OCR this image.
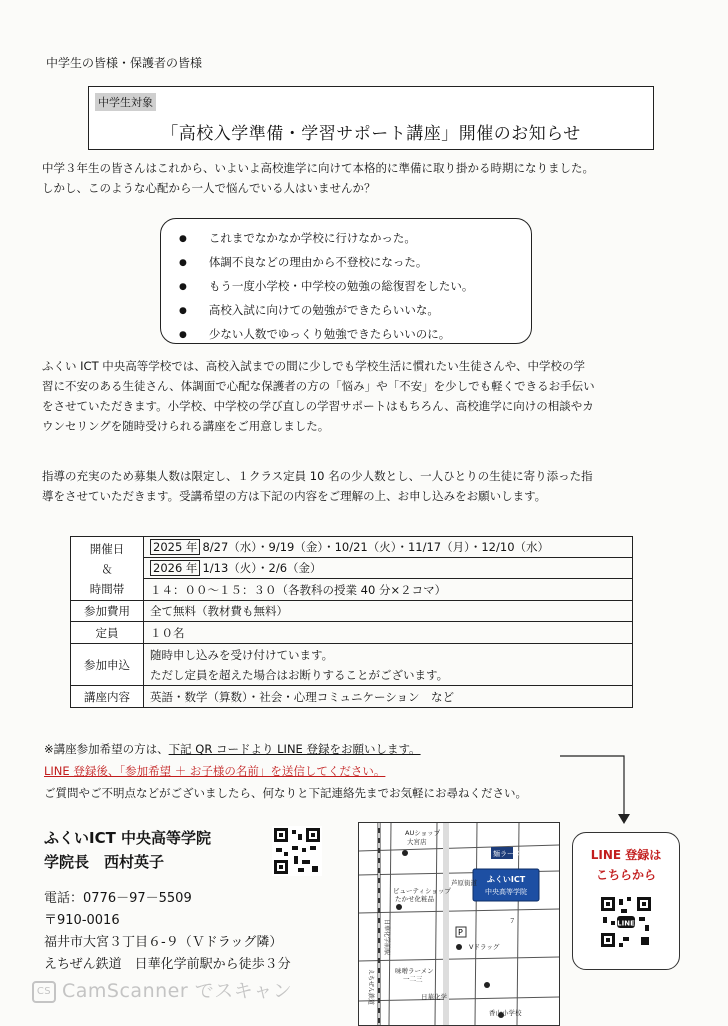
中学生の皆様・保護者の皆様
中学生対象
「高校入学準備・学習サポート講座」開催のお知らせ
中学３年生の皆さんはこれから、いよいよ高校進学に向けて本格的に準備に取り掛かる時期になりました。
しかし、このような心配から一人で悩んでいる人はいませんか？
● これまでなかなか学校に行けなかった。
● 体調不良などの理由から不登校になった。
● もう一度小学校・中学校の勉強の総復習をしたい。
● 高校入試に向けての勉強ができたらいいな。
● 少ない人数でゆっくり勉強できたらいいのに。
ふくい ICT 中央高等学校では、高校入試までの間に少しでも学校生活に慣れたい生徒さんや、中学校の学
習に不安のある生徒さん、体調面で心配な保護者の方の「悩み」や「不安」を少しでも軽くできるお手伝い
をさせていただきます。小学校、中学校の学び直しの学習サポートはもちろん、高校進学に向けの相談やカ
ウンセリングを随時受けられる講座をご用意しました。
指導の充実のため募集人数は限定し、１クラス定員 10 名の少人数とし、一人ひとりの生徒に寄り添った指
導をさせていただきます。受講希望の方は下記の内容をご理解の上、お申し込みをお願いします。
開催日
＆
時間帯	2025 年 8/27（水）・9/19（金）・10/21（火）・11/17（月）・12/10（水）
	2026 年 1/13（火）・2/6（金）
	１４：００～１５：３０（各教科の授業 40 分×２コマ）
参加費用	全て無料（教材費も無料）
定員	１０名
参加申込	随時申し込みを受け付けています。
ただし定員を超えた場合はお断りすることがございます。

講座内容	英語・数学（算数）・社会・心理コミュニケーション　など
※講座参加希望の方は、下記 QR コードより LINE 登録をお願いします。
LINE 登録後、「参加希望 ＋ お子様の名前」を送信してください。
ご質問やご不明点などがございましたら、何なりと下記連絡先までお気軽にお尋ねください。
ふくいICT 中央高等学院
学院長　西村英子
電話：0776－97－5509
〒910-0016
福井市大宮３丁目６‐９（Ｖドラッグ隣）
えちぜん鉄道　日華化学前駅から徒歩３分
P
麺ラーメン
ふくいICT
中央高等学院
AUショップ
大宮店
ビューティショップ
たかせ化粧品
芦原街道
７
Vドラッグ
味噌ラーメン
一二三
日華化学
香山小学校
日華化学前駅
えちぜん鉄道
LINE 登録は
こちらから
LINE
CS CamScanner でスキャン
